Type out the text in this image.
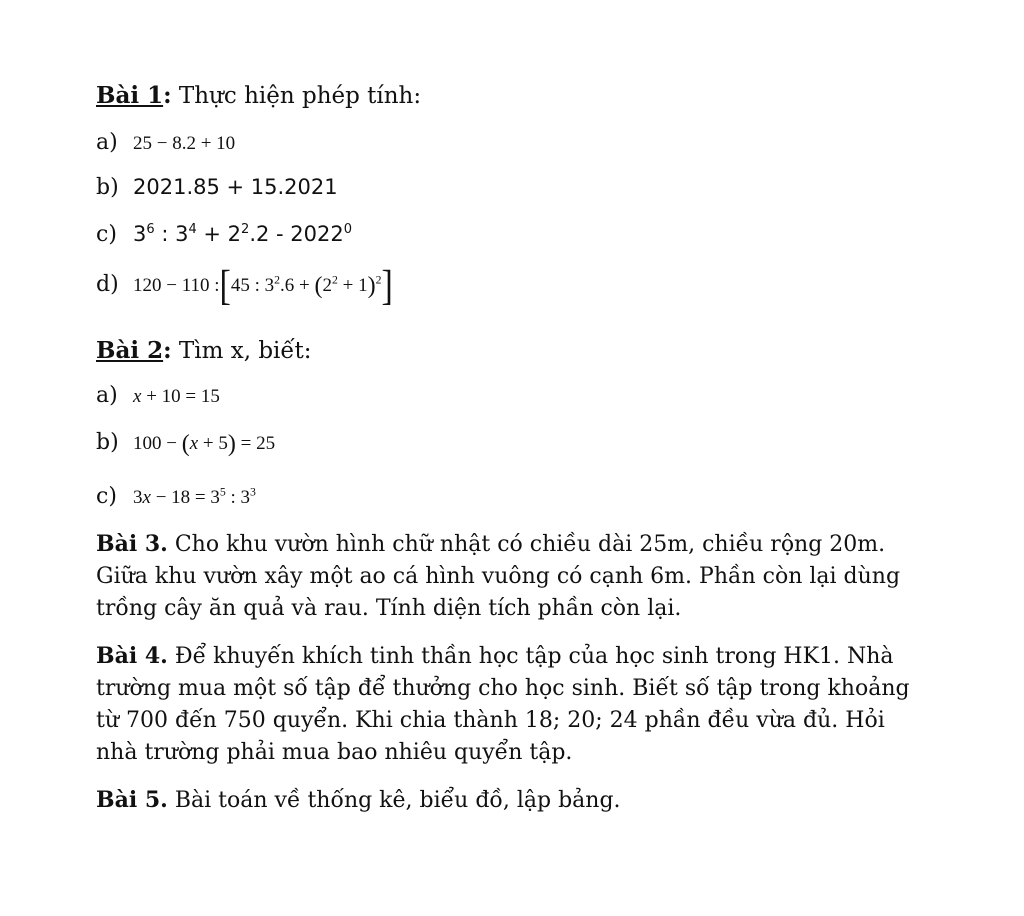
Bài 1: Thực hiện phép tính:
a) 25 − 8.2 + 10
b) 2021.85 + 15.2021
c) $3^6$ : $3^4 + 2^2.2 - 2022^0$
d) 120 − 110 :[45 : $3^2.6 + (2^2 + 1)^2$]
Bài 2: Tìm x, biết:
a) x + 10 = 15
b) 100 − (x + 5) = 25
c) $3x - 18 = 3^5$ : $3^3$
Bài 3. Cho khu vườn hình chữ nhật có chiều dài 25m, chiều rộng 20m. Giữa khu vườn xây một ao cá hình vuông có cạnh 6m. Phần còn lại dùng trồng cây ăn quả và rau. Tính diện tích phần còn lại.
Bài 4. Để khuyến khích tinh thần học tập của học sinh trong HK1. Nhà trường mua một số tập để thưởng cho học sinh. Biết số tập trong khoảng từ 700 đến 750 quyển. Khi chia thành 18; 20; 24 phần đều vừa đủ. Hỏi nhà trường phải mua bao nhiêu quyển tập.
Bài 5. Bài toán về thống kê, biểu đồ, lập bảng.
